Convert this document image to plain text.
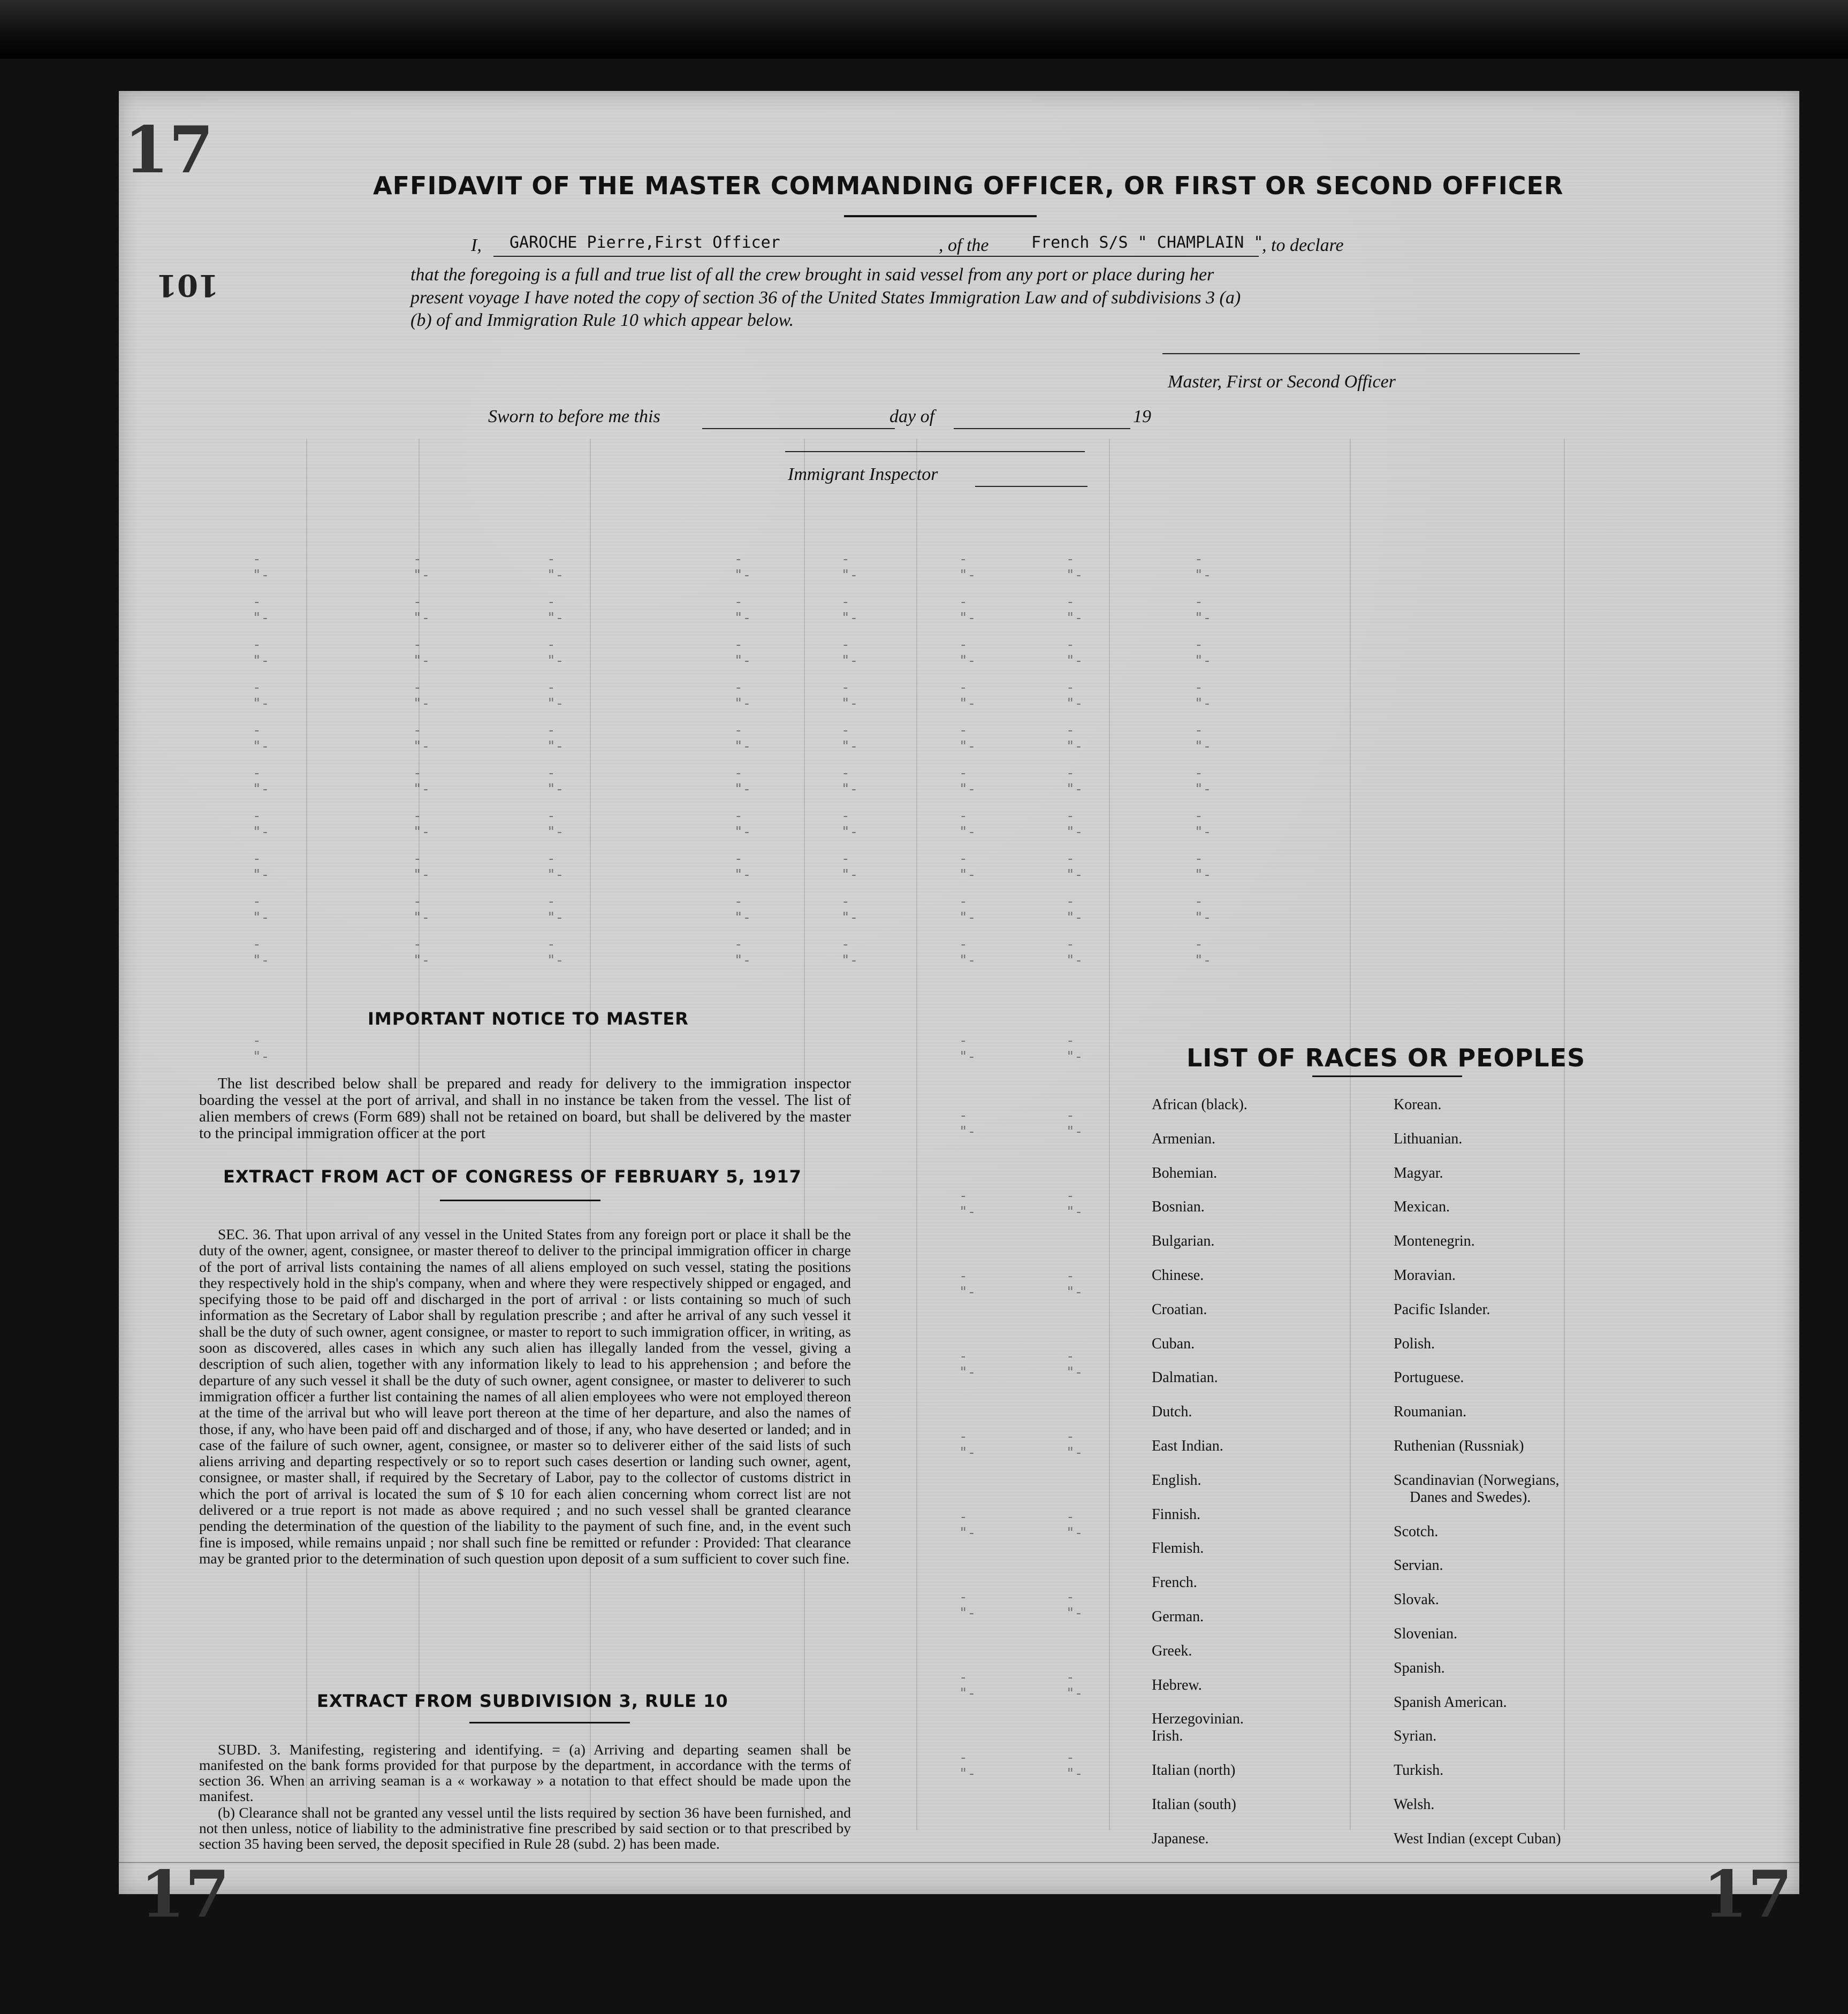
17
101
17	17
AFFIDAVIT OF THE MASTER COMMANDING OFFICER, OR FIRST OR SECOND OFFICER
I, GAROCHE Pierre,First Officer	, of the	French S/S " CHAMPLAIN "
, to declare
that the foregoing is a full and true list of all the crew brought in said vessel from any port or place during her
present voyage I have noted the copy of section 36 of the United States Immigration Law and of subdivisions 3 (a)
(b) of and Immigration Rule 10 which appear below.
Master, First or Second Officer
Sworn to before me this	day of	19
Immigrant Inspector
-"-
-"-
-"-
-"-
-"-
-"-
-"-
-"-
-"-
-"-
-"-
-"-
-"-
-"-
-"-
-"-
-"-
-"-
-"-
-"-
-"-
-"-
-"-
-"-
-"-
-"-
-"-
-"-
-"-
-"-
-"-
-"-
-"-
-"-
-"-
-"-
-"-
-"-
-"-
-"-
-"-
-"-
-"-
-"-
-"-
-"-
-"-
-"-
-"-
-"-
-"-
-"-
-"-
-"-
-"-
-"-
-"-
-"-
-"-
-"-
-"-
-"-
-"-
-"-
-"-
-"-
-"-
-"-
-"-
-"-
-"-
-"-
-"-
-"-
-"-
-"-
-"-
-"-
-"-
-"-
-"-
-"-
-"-
-"-
-"-
-"-
-"-
-"-
-"-
-"-
-"-
-"-
-"-
-"-
-"-
-"-
-"-
-"-
-"-
-"-
-"-
IMPORTANT NOTICE TO MASTER
The list described below shall be prepared and ready for delivery to the immigration inspector boarding the vessel at the port of arrival, and shall in no instance be taken from the vessel. The list of alien members of crews (Form 689) shall not be retained on board, but shall be delivered by the master to the principal immigration officer at the port
EXTRACT FROM ACT OF CONGRESS OF FEBRUARY 5, 1917
SEC. 36. That upon arrival of any vessel in the United States from any foreign port or place it shall be the duty of the owner, agent, consignee, or master thereof to deliver to the principal immigration officer in charge of the port of arrival lists containing the names of all aliens employed on such vessel, stating the positions they respectively hold in the ship's company, when and where they were respectively shipped or engaged, and specifying those to be paid off and discharged in the port of arrival : or lists containing so much of such information as the Secretary of Labor shall by regulation prescribe ; and after he arrival of any such vessel it shall be the duty of such owner, agent consignee, or master to report to such immigration officer, in writing, as soon as discovered, alles cases in which any such alien has illegally landed from the vessel, giving a description of such alien, together with any information likely to lead to his apprehension ; and before the departure of any such vessel it shall be the duty of such owner, agent consignee, or master to deliverer to such immigration officer a further list containing the names of all alien employees who were not employed thereon at the time of the arrival but who will leave port thereon at the time of her departure, and also the names of those, if any, who have been paid off and discharged and of those, if any, who have deserted or landed; and in case of the failure of such owner, agent, consignee, or master so to deliverer either of the said lists of such aliens arriving and departing respectively or so to report such cases desertion or landing such owner, agent, consignee, or master shall, if required by the Secretary of Labor, pay to the collector of customs district in which the port of arrival is located the sum of $ 10 for each alien concerning whom correct list are not delivered or a true report is not made as above required ; and no such vessel shall be granted clearance pending the determination of the question of the liability to the payment of such fine, and, in the event such fine is imposed, while remains unpaid ; nor shall such fine be remitted or refunder : Provided: That clearance may be granted prior to the determination of such question upon deposit of a sum sufficient to cover such fine.
EXTRACT FROM SUBDIVISION 3, RULE 10
SUBD. 3. Manifesting, registering and identifying. = (a) Arriving and departing seamen shall be manifested on the bank forms provided for that purpose by the department, in accordance with the terms of section 36. When an arriving seaman is a « workaway » a notation to that effect should be made upon the manifest.
(b) Clearance shall not be granted any vessel until the lists required by section 36 have been furnished, and not then unless, notice of liability to the administrative fine prescribed by said section or to that prescribed by section 35 having been served, the deposit specified in Rule 28 (subd. 2) has been made.
LIST OF RACES OR PEOPLES
African (black).
Armenian.
Bohemian.
Bosnian.
Bulgarian.
Chinese.
Croatian.
Cuban.
Dalmatian.
Dutch.
East Indian.
English.
Finnish.
Flemish.
French.
German.
Greek.
Hebrew.
Herzegovinian.
Irish.
Italian (north)
Italian (south)
Japanese.
Korean.
Lithuanian.
Magyar.
Mexican.
Montenegrin.
Moravian.
Pacific Islander.
Polish.
Portuguese.
Roumanian.
Ruthenian (Russniak)
Scandinavian (Norwegians,
Danes and Swedes).
Scotch.
Servian.
Slovak.
Slovenian.
Spanish.
Spanish American.
Syrian.
Turkish.
Welsh.
West Indian (except Cuban)
